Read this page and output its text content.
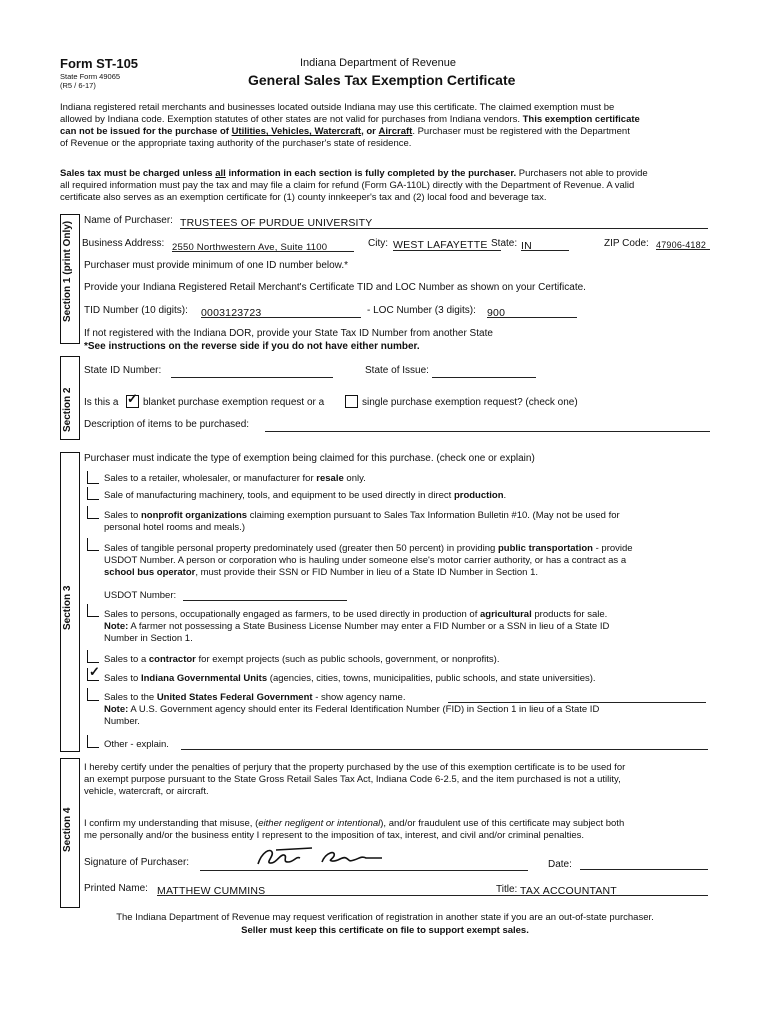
Form ST-105
State Form 49065
(R5 / 6-17)
Indiana Department of Revenue
General Sales Tax Exemption Certificate
Indiana registered retail merchants and businesses located outside Indiana may use this certificate. The claimed exemption must be
allowed by Indiana code. Exemption statutes of other states are not valid for purchases from Indiana vendors. This exemption certificate
can not be issued for the purchase of Utilities, Vehicles, Watercraft, or Aircraft. Purchaser must be registered with the Department
of Revenue or the appropriate taxing authority of the purchaser's state of residence.
Sales tax must be charged unless all information in each section is fully completed by the purchaser. Purchasers not able to provide
all required information must pay the tax and may file a claim for refund (Form GA-110L) directly with the Department of Revenue. A valid
certificate also serves as an exemption certificate for (1) county innkeeper's tax and (2) local food and beverage tax.
Section 1 (print Only)
Name of Purchaser: TRUSTEES OF PURDUE UNIVERSITY
Business Address: 2550 Northwestern Ave, Suite 1100	City: WEST LAFAYETTE State: IN	ZIP Code: 47906-4182
Purchaser must provide minimum of one ID number below.*
Provide your Indiana Registered Retail Merchant's Certificate TID and LOC Number as shown on your Certificate.
TID Number (10 digits): 0003123723	- LOC Number (3 digits): 900
If not registered with the Indiana DOR, provide your State Tax ID Number from another State
*See instructions on the reverse side if you do not have either number.
State ID Number:	State of Issue:
Section 2 Is this a ✓ blanket purchase exemption request or a	single purchase exemption request? (check one)
Description of items to be purchased:
Section 3
Purchaser must indicate the type of exemption being claimed for this purchase. (check one or explain)
Sales to a retailer, wholesaler, or manufacturer for resale only.
Sale of manufacturing machinery, tools, and equipment to be used directly in direct production.
Sales to nonprofit organizations claiming exemption pursuant to Sales Tax Information Bulletin #10. (May not be used for
personal hotel rooms and meals.)
Sales of tangible personal property predominately used (greater then 50 percent) in providing public transportation - provide
USDOT Number. A person or corporation who is hauling under someone else's motor carrier authority, or has a contract as a
school bus operator, must provide their SSN or FID Number in lieu of a State ID Number in Section 1.
USDOT Number:
Sales to persons, occupationally engaged as farmers, to be used directly in production of agricultural products for sale.
Note: A farmer not possessing a State Business License Number may enter a FID Number or a SSN in lieu of a State ID
Number in Section 1.
Sales to a contractor for exempt projects (such as public schools, government, or nonprofits).
✓ Sales to Indiana Governmental Units (agencies, cities, towns, municipalities, public schools, and state universities).
Sales to the United States Federal Government - show agency name.
Note: A U.S. Government agency should enter its Federal Identification Number (FID) in Section 1 in lieu of a State ID
Number.
Other - explain.
Section 4
I hereby certify under the penalties of perjury that the property purchased by the use of this exemption certificate is to be used for
an exempt purpose pursuant to the State Gross Retail Sales Tax Act, Indiana Code 6-2.5, and the item purchased is not a utility,
vehicle, watercraft, or aircraft.
I confirm my understanding that misuse, (either negligent or intentional), and/or fraudulent use of this certificate may subject both
me personally and/or the business entity I represent to the imposition of tax, interest, and civil and/or criminal penalties.
Signature of Purchaser:	Date:
Printed Name: MATTHEW CUMMINS	Title: TAX ACCOUNTANT
The Indiana Department of Revenue may request verification of registration in another state if you are an out-of-state purchaser.
Seller must keep this certificate on file to support exempt sales.
